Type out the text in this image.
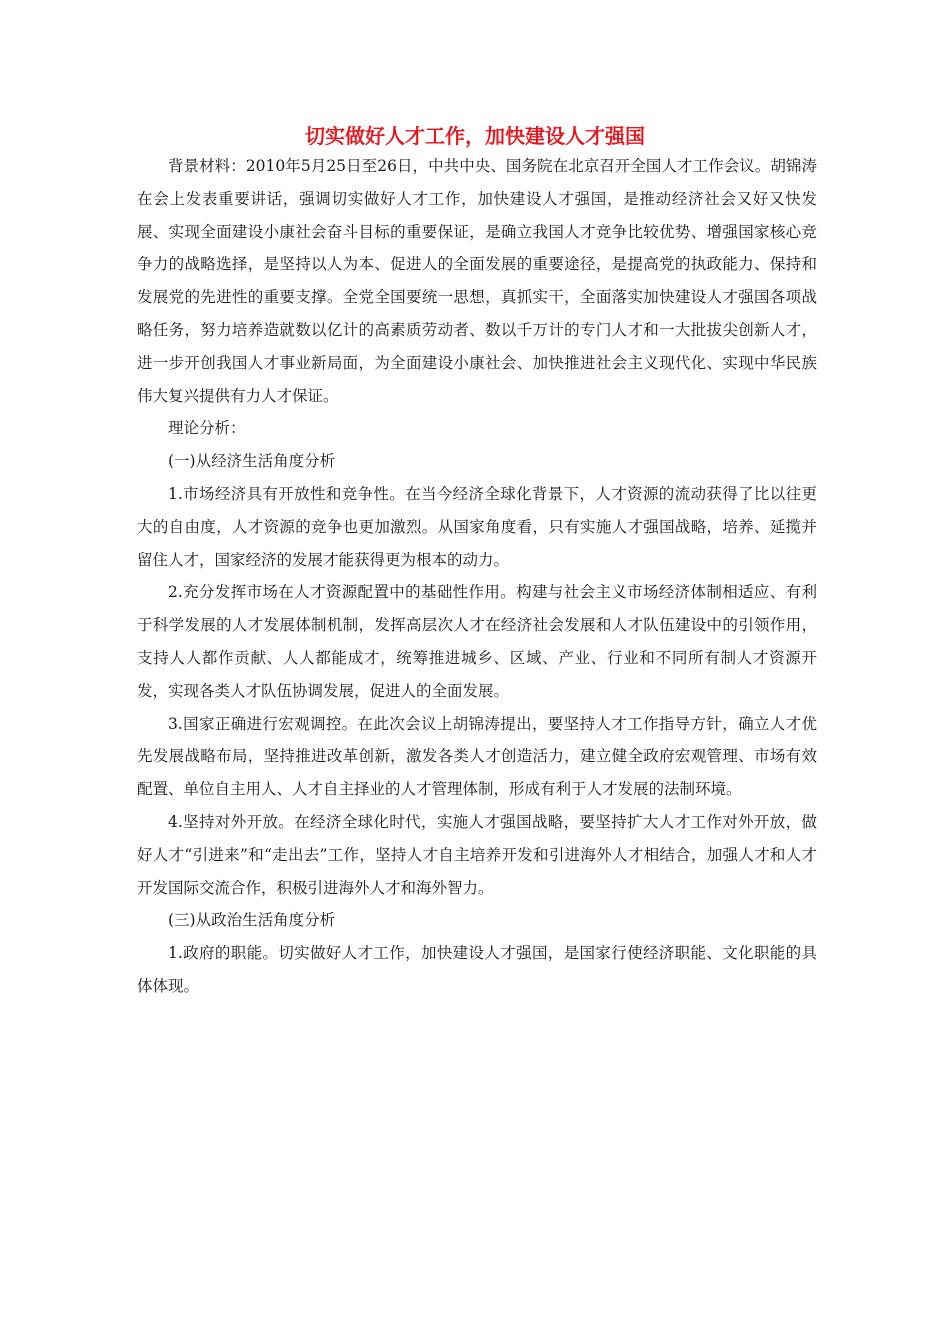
切实做好人才工作，加快建设人才强国

背景材料：2010年5月25日至26日，中共中央、国务院在北京召开全国人才工作会议。胡锦涛在会上发表重要讲话，强调切实做好人才工作，加快建设人才强国，是推动经济社会又好又快发展、实现全面建设小康社会奋斗目标的重要保证，是确立我国人才竞争比较优势、增强国家核心竞争力的战略选择，是坚持以人为本、促进人的全面发展的重要途径，是提高党的执政能力、保持和发展党的先进性的重要支撑。全党全国要统一思想，真抓实干，全面落实加快建设人才强国各项战略任务，努力培养造就数以亿计的高素质劳动者、数以千万计的专门人才和一大批拔尖创新人才，进一步开创我国人才事业新局面，为全面建设小康社会、加快推进社会主义现代化、实现中华民族伟大复兴提供有力人才保证。

理论分析：

(一)从经济生活角度分析

1.市场经济具有开放性和竞争性。在当今经济全球化背景下，人才资源的流动获得了比以往更大的自由度，人才资源的竞争也更加激烈。从国家角度看，只有实施人才强国战略，培养、延揽并留住人才，国家经济的发展才能获得更为根本的动力。

2.充分发挥市场在人才资源配置中的基础性作用。构建与社会主义市场经济体制相适应、有利于科学发展的人才发展体制机制，发挥高层次人才在经济社会发展和人才队伍建设中的引领作用，支持人人都作贡献、人人都能成才，统筹推进城乡、区域、产业、行业和不同所有制人才资源开发，实现各类人才队伍协调发展，促进人的全面发展。

3.国家正确进行宏观调控。在此次会议上胡锦涛提出，要坚持人才工作指导方针，确立人才优先发展战略布局，坚持推进改革创新，激发各类人才创造活力，建立健全政府宏观管理、市场有效配置、单位自主用人、人才自主择业的人才管理体制，形成有利于人才发展的法制环境。

4.坚持对外开放。在经济全球化时代，实施人才强国战略，要坚持扩大人才工作对外开放，做好人才“引进来”和“走出去”工作，坚持人才自主培养开发和引进海外人才相结合，加强人才和人才开发国际交流合作，积极引进海外人才和海外智力。

(三)从政治生活角度分析

1.政府的职能。切实做好人才工作，加快建设人才强国，是国家行使经济职能、文化职能的具体体现。
